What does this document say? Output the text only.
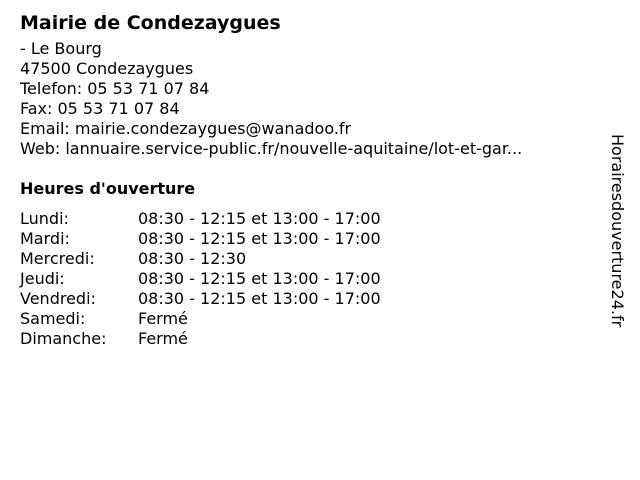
Mairie de Condezaygues
- Le Bourg
47500 Condezaygues
Telefon: 05 53 71 07 84
Fax: 05 53 71 07 84
Email: mairie.condezaygues@wanadoo.fr
Web: lannuaire.service-public.fr/nouvelle-aquitaine/lot-et-gar...
Heures d'ouverture
Lundi:	08:30 - 12:15 et 13:00 - 17:00
Mardi:	08:30 - 12:15 et 13:00 - 17:00
Mercredi:	08:30 - 12:30
Jeudi:	08:30 - 12:15 et 13:00 - 17:00
Vendredi:	08:30 - 12:15 et 13:00 - 17:00
Samedi:	Fermé
Dimanche:	Fermé
Horairesdouverture24.fr
